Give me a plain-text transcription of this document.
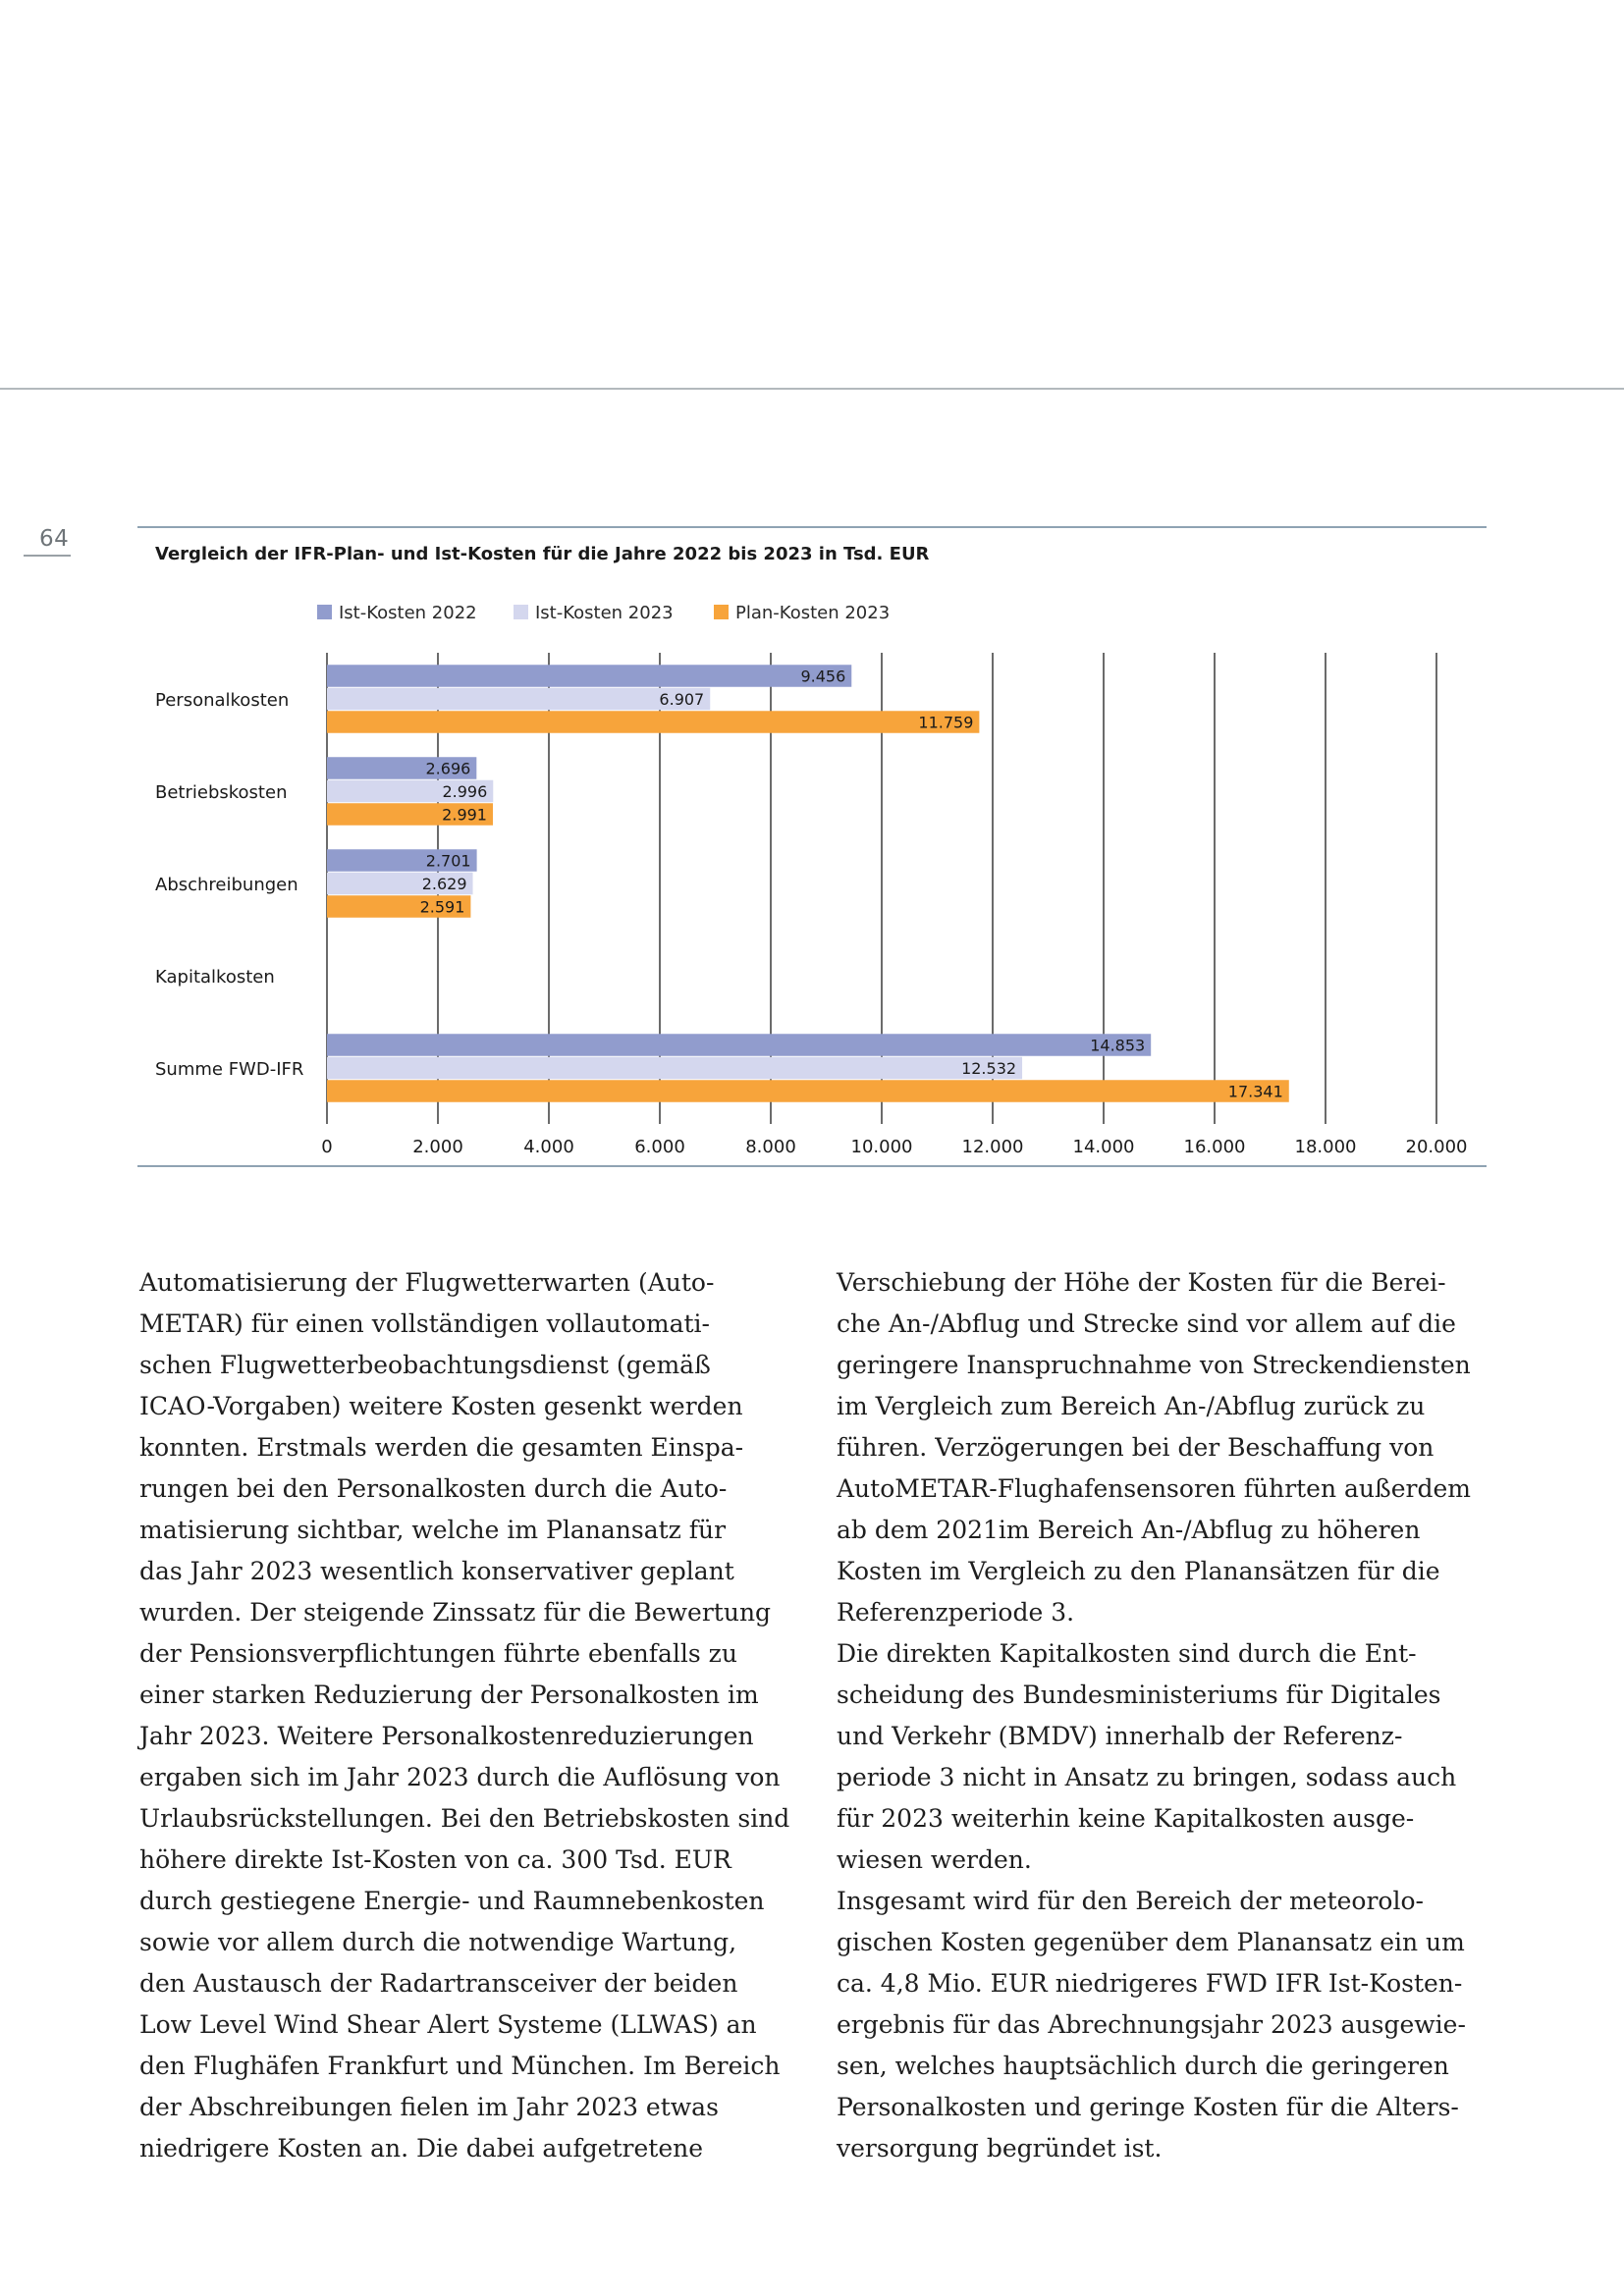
64
Vergleich der IFR-Plan- und Ist-Kosten für die Jahre 2022 bis 2023 in Tsd. EUR
Ist-Kosten 2022	Ist-Kosten 2023	Plan-Kosten 2023
9.456
6.907
11.759
2.696
2.996
2.991
2.701
2.629
2.591
14.853
12.532
17.341
Personalkosten
Betriebskosten
Abschreibungen
Kapitalkosten
Summe FWD-IFR
0	2.000	4.000	6.000	8.000	10.000	12.000	14.000	16.000	18.000	20.000
Automatisierung der Flugwetterwarten (Auto-
METAR) für einen vollständigen vollautomati-
schen Flugwetterbeobachtungsdienst (gemäß
ICAO-Vorgaben) weitere Kosten gesenkt werden
konnten. Erstmals werden die gesamten Einspa-
rungen bei den Personalkosten durch die Auto-
matisierung sichtbar, welche im Planansatz für
das Jahr 2023 wesentlich konservativer geplant
wurden. Der steigende Zinssatz für die Bewertung
der Pensionsverpflichtungen führte ebenfalls zu
einer starken Reduzierung der Personalkosten im
Jahr 2023. Weitere Personalkostenreduzierungen
ergaben sich im Jahr 2023 durch die Auflösung von
Urlaubsrückstellungen. Bei den Betriebskosten sind
höhere direkte Ist-Kosten von ca. 300 Tsd. EUR
durch gestiegene Energie- und Raumnebenkosten
sowie vor allem durch die notwendige Wartung,
den Austausch der Radartransceiver der beiden
Low Level Wind Shear Alert Systeme (LLWAS) an
den Flughäfen Frankfurt und München. Im Bereich
der Abschreibungen fielen im Jahr 2023 etwas
niedrigere Kosten an. Die dabei aufgetretene
Verschiebung der Höhe der Kosten für die Berei-
che An-/Abflug und Strecke sind vor allem auf die
geringere Inanspruchnahme von Streckendiensten
im Vergleich zum Bereich An-/Abflug zurück zu
führen. Verzögerungen bei der Beschaffung von
AutoMETAR-Flughafensensoren führten außerdem
ab dem 2021im Bereich An-/Abflug zu höheren
Kosten im Vergleich zu den Planansätzen für die
Referenzperiode 3.
Die direkten Kapitalkosten sind durch die Ent-
scheidung des Bundesministeriums für Digitales
und Verkehr (BMDV) innerhalb der Referenz-
periode 3 nicht in Ansatz zu bringen, sodass auch
für 2023 weiterhin keine Kapitalkosten ausge-
wiesen werden.
Insgesamt wird für den Bereich der meteorolo-
gischen Kosten gegenüber dem Planansatz ein um
ca. 4,8 Mio. EUR niedrigeres FWD IFR Ist-Kosten-
ergebnis für das Abrechnungsjahr 2023 ausgewie-
sen, welches hauptsächlich durch die geringeren
Personalkosten und geringe Kosten für die Alters-
versorgung begründet ist.
